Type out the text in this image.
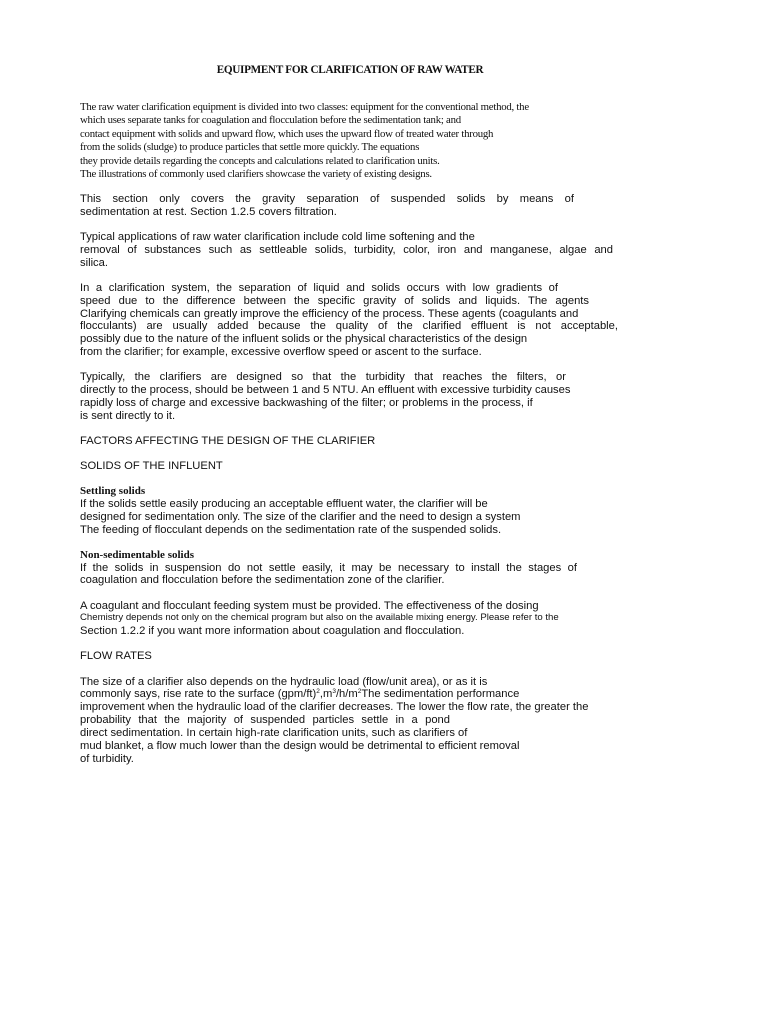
EQUIPMENT FOR CLARIFICATION OF RAW WATER
The raw water clarification equipment is divided into two classes: equipment for the conventional method, the
which uses separate tanks for coagulation and flocculation before the sedimentation tank; and
contact equipment with solids and upward flow, which uses the upward flow of treated water through
from the solids (sludge) to produce particles that settle more quickly. The equations
they provide details regarding the concepts and calculations related to clarification units.
The illustrations of commonly used clarifiers showcase the variety of existing designs.
This section only covers the gravity separation of suspended solids by means of
sedimentation at rest. Section 1.2.5 covers filtration.
Typical applications of raw water clarification include cold lime softening and the
removal of substances such as settleable solids, turbidity, color, iron and manganese, algae and
silica.
In a clarification system, the separation of liquid and solids occurs with low gradients of
speed due to the difference between the specific gravity of solids and liquids. The agents
Clarifying chemicals can greatly improve the efficiency of the process. These agents (coagulants and
flocculants) are usually added because the quality of the clarified effluent is not acceptable,
possibly due to the nature of the influent solids or the physical characteristics of the design
from the clarifier; for example, excessive overflow speed or ascent to the surface.
Typically, the clarifiers are designed so that the turbidity that reaches the filters, or
directly to the process, should be between 1 and 5 NTU. An effluent with excessive turbidity causes
rapidly loss of charge and excessive backwashing of the filter; or problems in the process, if
is sent directly to it.
FACTORS AFFECTING THE DESIGN OF THE CLARIFIER
SOLIDS OF THE INFLUENT
Settling solids
If the solids settle easily producing an acceptable effluent water, the clarifier will be
designed for sedimentation only. The size of the clarifier and the need to design a system
The feeding of flocculant depends on the sedimentation rate of the suspended solids.
Non-sedimentable solids
If the solids in suspension do not settle easily, it may be necessary to install the stages of
coagulation and flocculation before the sedimentation zone of the clarifier.
A coagulant and flocculant feeding system must be provided. The effectiveness of the dosing
Chemistry depends not only on the chemical program but also on the available mixing energy. Please refer to the
Section 1.2.2 if you want more information about coagulation and flocculation.
FLOW RATES
The size of a clarifier also depends on the hydraulic load (flow/unit area), or as it is
commonly says, rise rate to the surface $(gpm/ft)^2,m^3/h/m^2The$ sedimentation performance
improvement when the hydraulic load of the clarifier decreases. The lower the flow rate, the greater the
probability that the majority of suspended particles settle in a pond
direct sedimentation. In certain high-rate clarification units, such as clarifiers of
mud blanket, a flow much lower than the design would be detrimental to efficient removal
of turbidity.
